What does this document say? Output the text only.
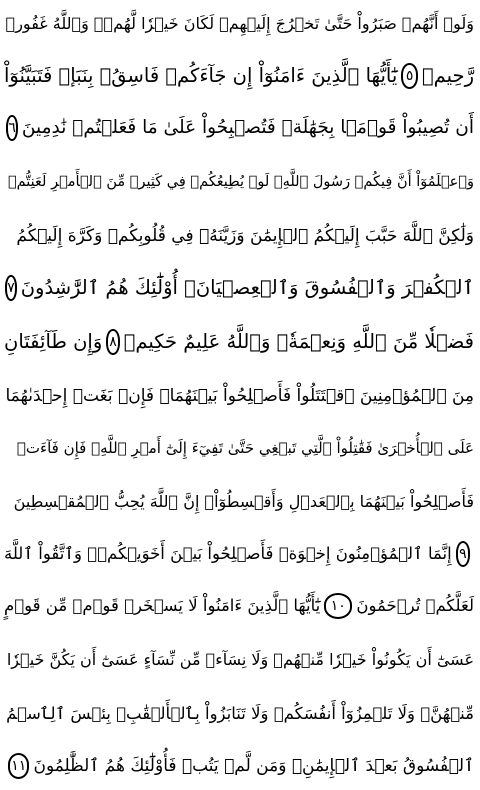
وَلَوۡ أَنَّهُمۡ صَبَرُواْ حَتَّىٰ تَخۡرُجَ إِلَيۡهِمۡ لَكَانَ خَيۡرٗا لَّهُمۡۚ وَٱللَّهُ غَفُورٞ
رَّحِيمٞ
٥
يَٰٓأَيُّهَا ٱلَّذِينَ ءَامَنُوٓاْ إِن جَآءَكُمۡ فَاسِقُۢ بِنَبَإٖ فَتَبَيَّنُوٓاْ
أَن تُصِيبُواْ قَوۡمَۢا بِجَهَٰلَةٖ فَتُصۡبِحُواْ عَلَىٰ مَا فَعَلۡتُمۡ نَٰدِمِينَ
٦
وَٱعۡلَمُوٓاْ أَنَّ فِيكُمۡ رَسُولَ ٱللَّهِۚ لَوۡ يُطِيعُكُمۡ فِي كَثِيرٖ مِّنَ ٱلۡأَمۡرِ لَعَنِتُّمۡ
وَلَٰكِنَّ ٱللَّهَ حَبَّبَ إِلَيۡكُمُ ٱلۡإِيمَٰنَ وَزَيَّنَهُۥ فِي قُلُوبِكُمۡ وَكَرَّهَ إِلَيۡكُمُ
ٱلۡكُفۡرَ وَٱلۡفُسُوقَ وَٱلۡعِصۡيَانَۚ أُوْلَٰٓئِكَ هُمُ ٱلرَّٰشِدُونَ
٧
فَضۡلٗا مِّنَ ٱللَّهِ وَنِعۡمَةٗۚ وَٱللَّهُ عَلِيمٌ حَكِيمٞ
٨
وَإِن طَآئِفَتَانِ
مِنَ ٱلۡمُؤۡمِنِينَ ٱقۡتَتَلُواْ فَأَصۡلِحُواْ بَيۡنَهُمَاۖ فَإِنۢ بَغَتۡ إِحۡدَىٰهُمَا
عَلَى ٱلۡأُخۡرَىٰ فَقَٰتِلُواْ ٱلَّتِي تَبۡغِي حَتَّىٰ تَفِيٓءَ إِلَىٰٓ أَمۡرِ ٱللَّهِۚ فَإِن فَآءَتۡ
فَأَصۡلِحُواْ بَيۡنَهُمَا بِٱلۡعَدۡلِ وَأَقۡسِطُوٓاْۖ إِنَّ ٱللَّهَ يُحِبُّ ٱلۡمُقۡسِطِينَ
٩
إِنَّمَا ٱلۡمُؤۡمِنُونَ إِخۡوَةٞ فَأَصۡلِحُواْ بَيۡنَ أَخَوَيۡكُمۡۚ وَٱتَّقُواْ ٱللَّهَ
لَعَلَّكُمۡ تُرۡحَمُونَ
١٠
يَٰٓأَيُّهَا ٱلَّذِينَ ءَامَنُواْ لَا يَسۡخَرۡ قَوۡمٞ مِّن قَوۡمٍ
عَسَىٰٓ أَن يَكُونُواْ خَيۡرٗا مِّنۡهُمۡ وَلَا نِسَآءٞ مِّن نِّسَآءٍ عَسَىٰٓ أَن يَكُنَّ خَيۡرٗا
مِّنۡهُنَّۖ وَلَا تَلۡمِزُوٓاْ أَنفُسَكُمۡ وَلَا تَنَابَزُواْ بِٱلۡأَلۡقَٰبِۖ بِئۡسَ ٱلِٱسۡمُ
ٱلۡفُسُوقُ بَعۡدَ ٱلۡإِيمَٰنِۚ وَمَن لَّمۡ يَتُبۡ فَأُوْلَٰٓئِكَ هُمُ ٱلظَّٰلِمُونَ
١١
